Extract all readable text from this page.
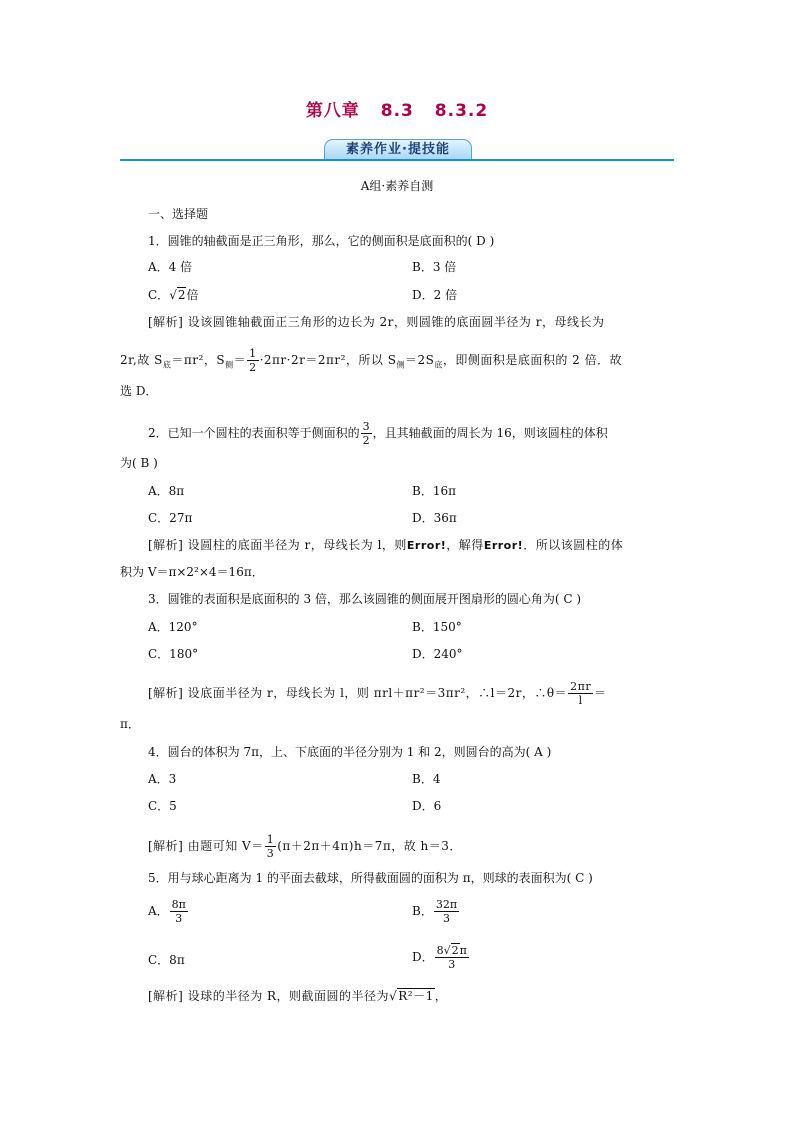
第八章 8.3 8.3.2
素养作业·提技能
A组·素养自测
一、选择题
1．圆锥的轴截面是正三角形，那么，它的侧面积是底面积的( D )
A．4 倍	B．3 倍
C．√2倍	D．2 倍
[解析] 设该圆锥轴截面正三角形的边长为 2r，则圆锥的底面圆半径为 r，母线长为
2r,故 $S_底=\pi r^2$，$S_侧= \frac{1}{2} \cdot 2\pi r\cdot 2r=2\pi r^2$，所以 $S_侧=2S_底$，即侧面积是底面积的 2 倍．故
选 D．
2．已知一个圆柱的表面积等于侧面积的 $\frac{3}{2}$ ，且其轴截面的周长为 16，则该圆柱的体积
为( B )
A．8π	B．16π
C．27π	D．36π
[解析] 设圆柱的底面半径为 r，母线长为 l，则Error!，解得Error!．所以该圆柱的体
积为 V＝π×2²×4＝16π．
3．圆锥的表面积是底面积的 3 倍，那么该圆锥的侧面展开图扇形的圆心角为( C )
A．120°	B．150°
C．180°	D．240°
[解析] 设底面半径为 r，母线长为 l，则 πrl＋πr²＝3πr²，∴l＝2r，∴θ＝ $\frac{2\pi r}{l}$ ＝
π．
4．圆台的体积为 7π，上、下底面的半径分别为 1 和 2，则圆台的高为( A )
A．3	B．4
C．5	D．6
[解析] 由题可知 $V= \frac{1}{3} (\pi+2\pi+4\pi)h=7\pi$，故 h＝3．
5．用与球心距离为 1 的平面去截球，所得截面圆的面积为 π，则球的表面积为( C )
A． $\frac{8\pi}{3}$	B． $\frac{32\pi}{3}$
C．8π	D． $\frac{8√2\pi}{3}$
[解析] 设球的半径为 R，则截面圆的半径为√R²－1，
